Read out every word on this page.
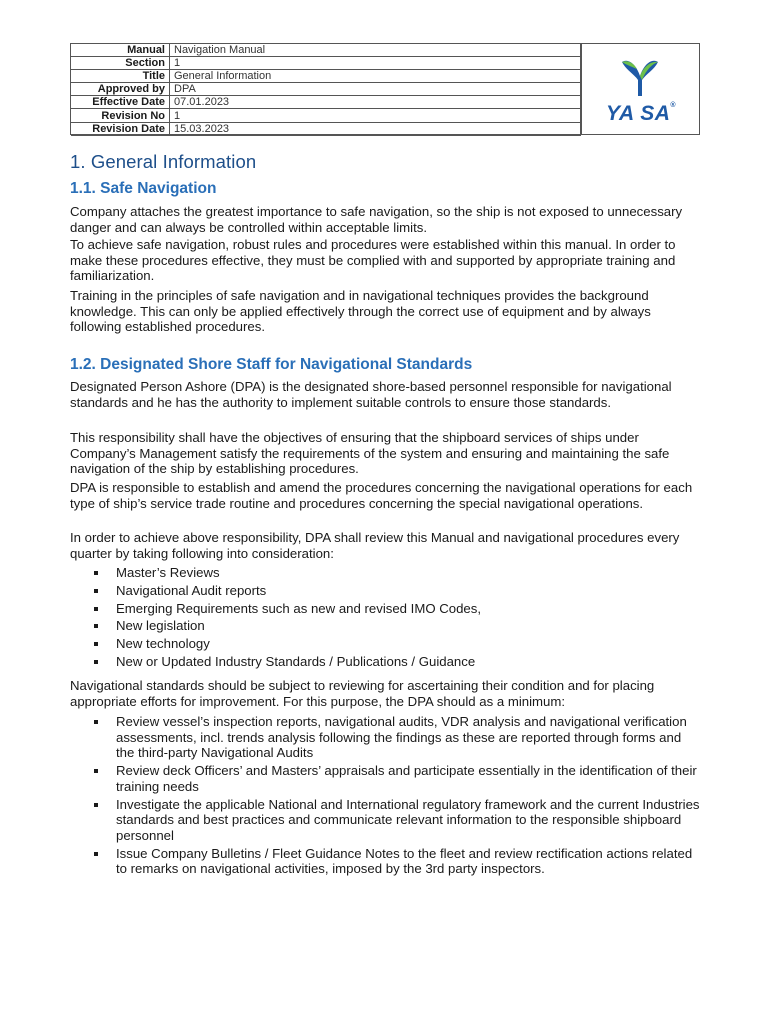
Manual	Navigation Manual
Section	1
Title	General Information
Approved by	DPA
Effective Date	07.01.2023
Revision No	1
Revision Date	15.03.2023
YA SA®
1. General Information
1.1. Safe Navigation

Company attaches the greatest importance to safe navigation, so the ship is not exposed to unnecessary danger and can always be controlled within acceptable limits.

To achieve safe navigation, robust rules and procedures were established within this manual. In order to make these procedures effective, they must be complied with and supported by appropriate training and familiarization.

Training in the principles of safe navigation and in navigational techniques provides the background knowledge. This can only be applied effectively through the correct use of equipment and by always following established procedures.

1.2. Designated Shore Staff for Navigational Standards

Designated Person Ashore (DPA) is the designated shore-based personnel responsible for navigational standards and he has the authority to implement suitable controls to ensure those standards.

This responsibility shall have the objectives of ensuring that the shipboard services of ships under Company’s Management satisfy the requirements of the system and ensuring and maintaining the safe navigation of the ship by establishing procedures.

DPA is responsible to establish and amend the procedures concerning the navigational operations for each type of ship’s service trade routine and procedures concerning the special navigational operations.

In order to achieve above responsibility, DPA shall review this Manual and navigational procedures every quarter by taking following into consideration:

Master’s Reviews
Navigational Audit reports
Emerging Requirements such as new and revised IMO Codes,
New legislation
New technology
New or Updated Industry Standards / Publications / Guidance

Navigational standards should be subject to reviewing for ascertaining their condition and for placing appropriate efforts for improvement. For this purpose, the DPA should as a minimum:

Review vessel’s inspection reports, navigational audits, VDR analysis and navigational verification assessments, incl. trends analysis following the findings as these are reported through forms and the third-party Navigational Audits
Review deck Officers’ and Masters’ appraisals and participate essentially in the identification of their training needs
Investigate the applicable National and International regulatory framework and the current Industries standards and best practices and communicate relevant information to the responsible shipboard personnel
Issue Company Bulletins / Fleet Guidance Notes to the fleet and review rectification actions related to remarks on navigational activities, imposed by the 3rd party inspectors.
